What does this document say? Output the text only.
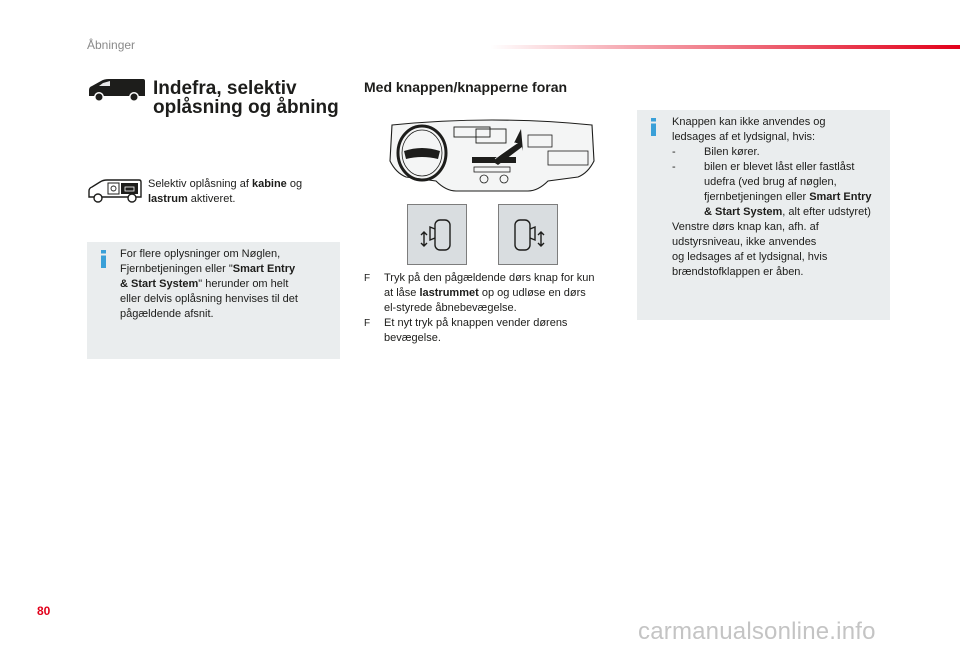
Åbninger
Indefra, selektiv
oplåsning og åbning
Selektiv oplåsning af kabine og
lastrum aktiveret.
For flere oplysninger om Nøglen,
Fjernbetjeningen eller "Smart Entry
& Start System" herunder om helt
eller delvis oplåsning henvises til det
pågældende afsnit.
Med knappen/knapperne foran
F Tryk på den pågældende dørs knap for kun
at låse lastrummet op og udløse en dørs
el-styrede åbnebevægelse.
F Et nyt tryk på knappen vender dørens
bevægelse.
Knappen kan ikke anvendes og
ledsages af et lydsignal, hvis:
-	Bilen kører.
-	bilen er blevet låst eller fastlåst
udefra (ved brug af nøglen,
fjernbetjeningen eller Smart Entry
& Start System, alt efter udstyret)
Venstre dørs knap kan, afh. af
udstyrsniveau, ikke anvendes
og ledsages af et lydsignal, hvis
brændstofklappen er åben.
80
carmanualsonline.info
